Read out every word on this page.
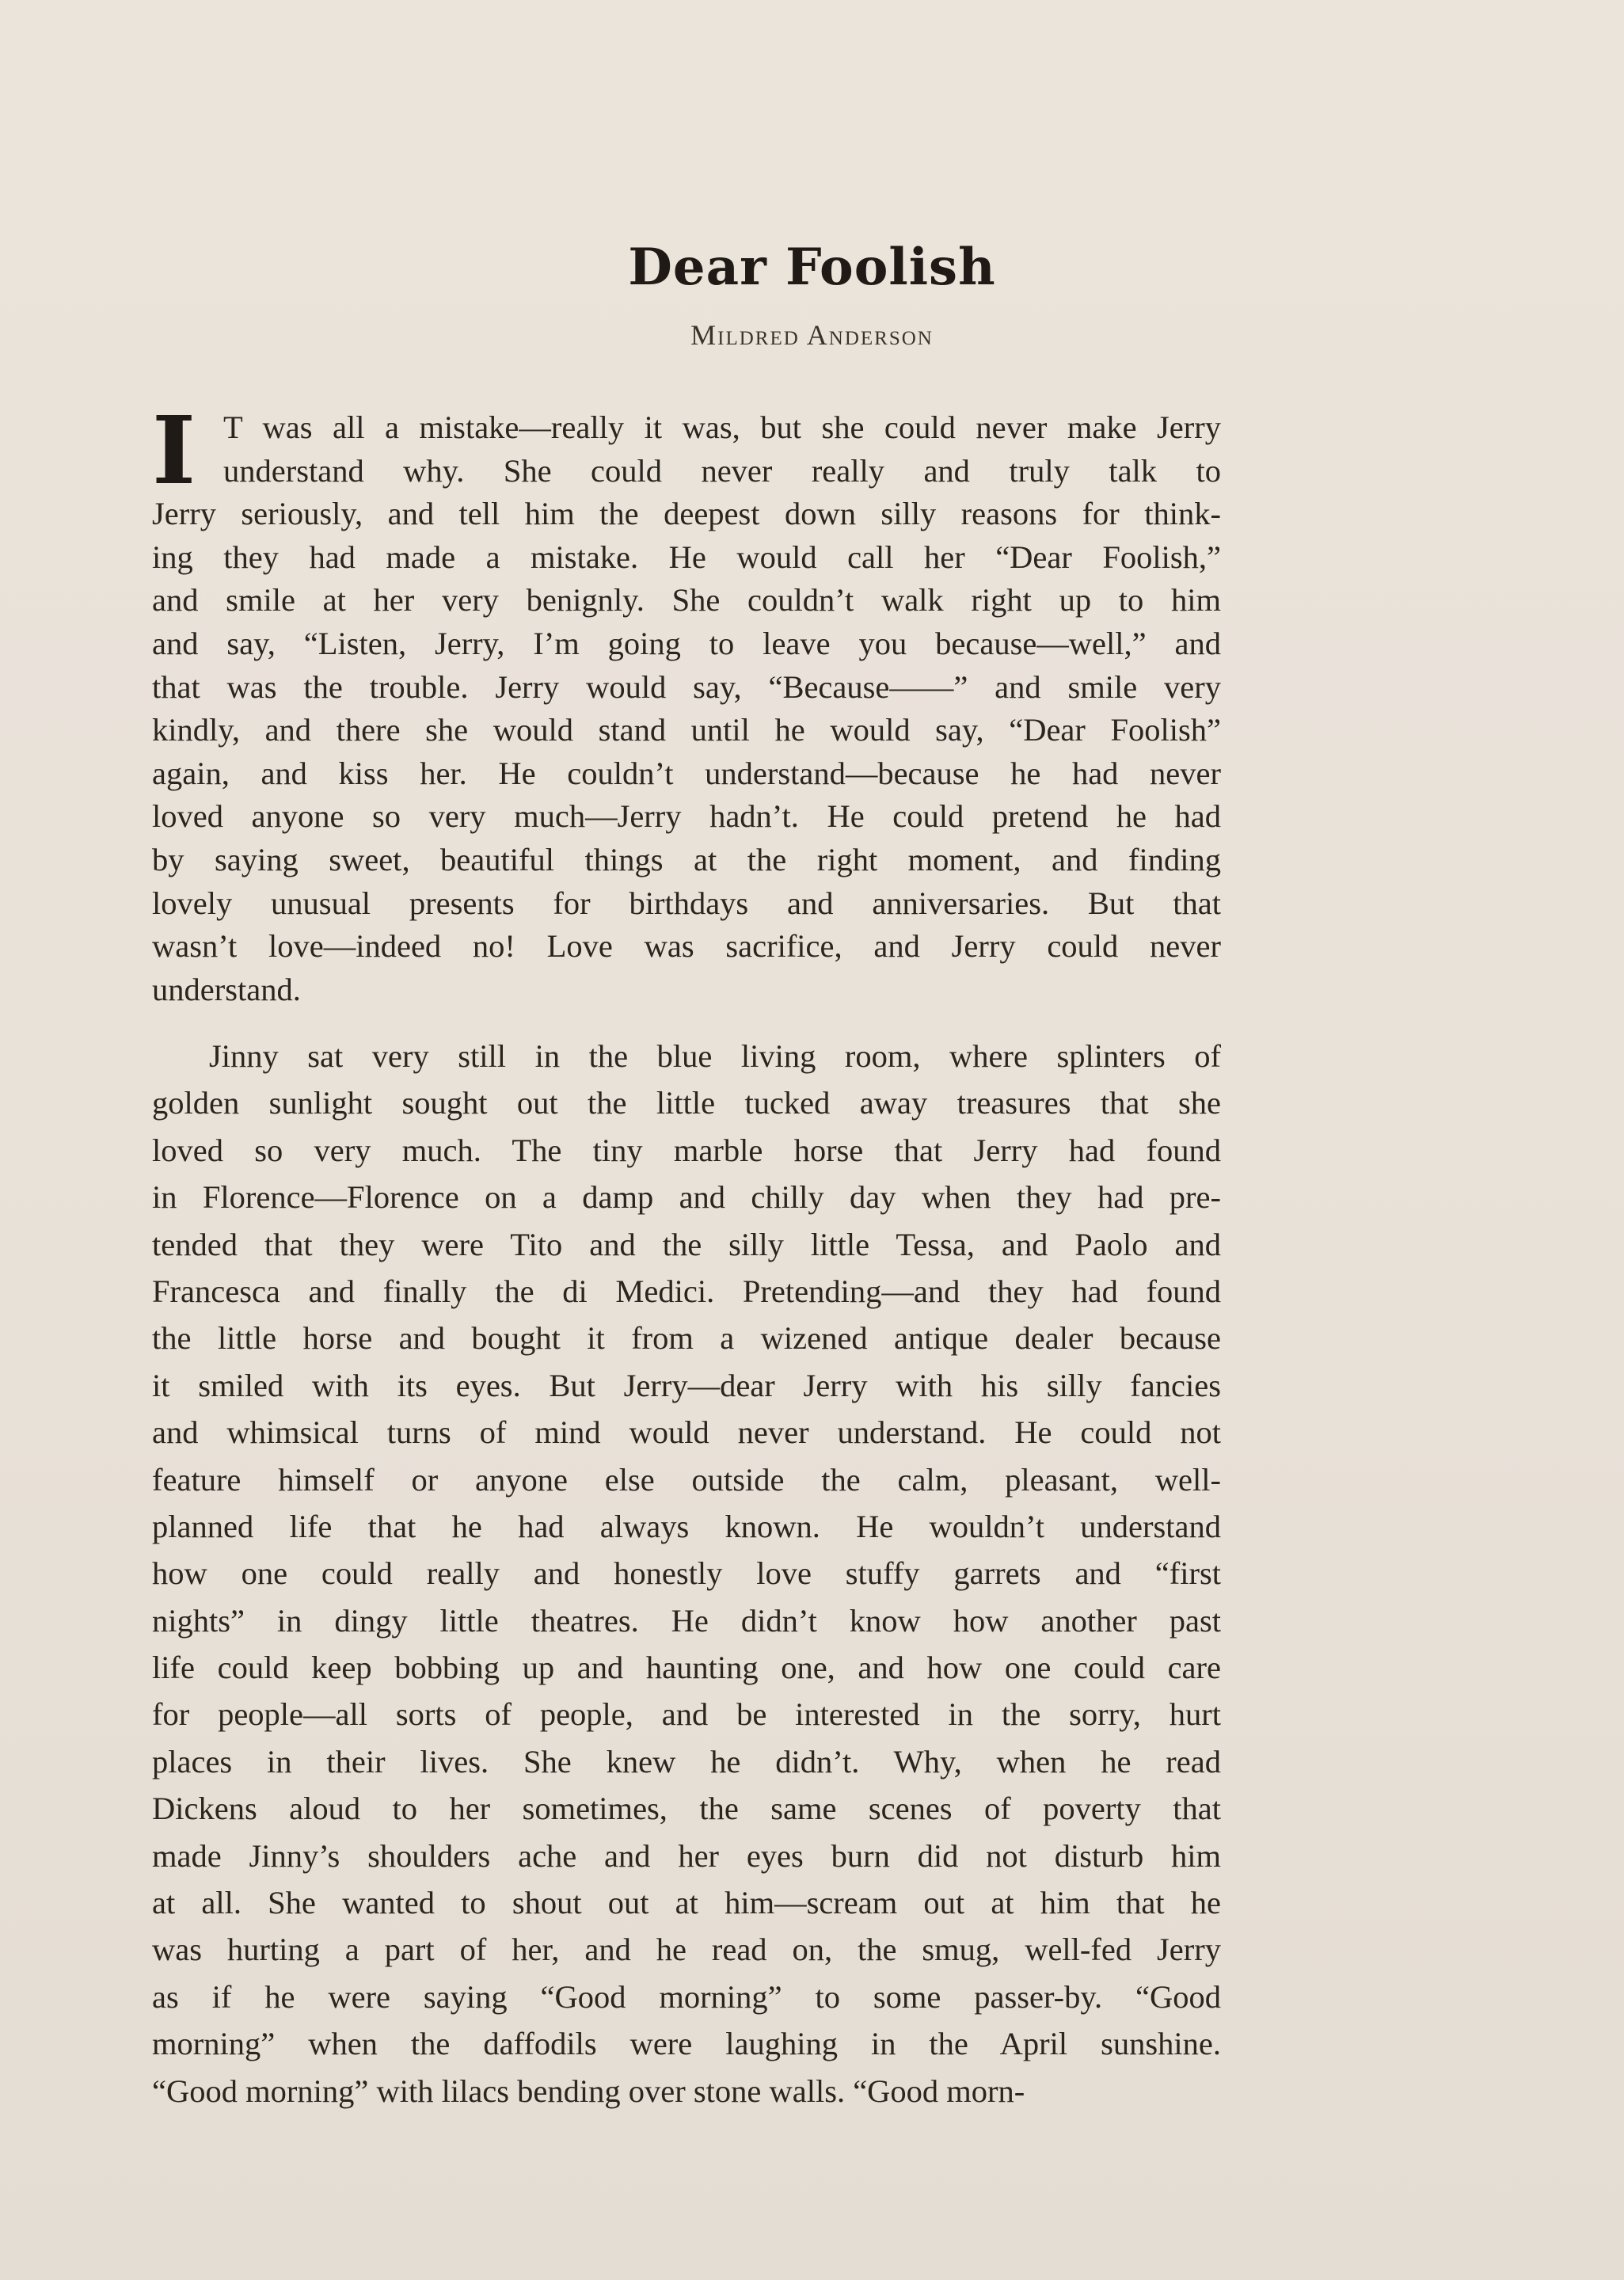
Dear Foolish
Mildred Anderson
I T was all a mistake—really it was, but she could never make Jerry
understand why. She could never really and truly talk to
Jerry seriously, and tell him the deepest down silly reasons for think-
ing they had made a mistake. He would call her “Dear Foolish,”
and smile at her very benignly. She couldn’t walk right up to him
and say, “Listen, Jerry, I’m going to leave you because—well,” and
that was the trouble. Jerry would say, “Because——” and smile very
kindly, and there she would stand until he would say, “Dear Foolish”
again, and kiss her. He couldn’t understand—because he had never
loved anyone so very much—Jerry hadn’t. He could pretend he had
by saying sweet, beautiful things at the right moment, and finding
lovely unusual presents for birthdays and anniversaries. But that
wasn’t love—indeed no! Love was sacrifice, and Jerry could never
understand.
Jinny sat very still in the blue living room, where splinters of
golden sunlight sought out the little tucked away treasures that she
loved so very much. The tiny marble horse that Jerry had found
in Florence—Florence on a damp and chilly day when they had pre-
tended that they were Tito and the silly little Tessa, and Paolo and
Francesca and finally the di Medici. Pretending—and they had found
the little horse and bought it from a wizened antique dealer because
it smiled with its eyes. But Jerry—dear Jerry with his silly fancies
and whimsical turns of mind would never understand. He could not
feature himself or anyone else outside the calm, pleasant, well-
planned life that he had always known. He wouldn’t understand
how one could really and honestly love stuffy garrets and “first
nights” in dingy little theatres. He didn’t know how another past
life could keep bobbing up and haunting one, and how one could care
for people—all sorts of people, and be interested in the sorry, hurt
places in their lives. She knew he didn’t. Why, when he read
Dickens aloud to her sometimes, the same scenes of poverty that
made Jinny’s shoulders ache and her eyes burn did not disturb him
at all. She wanted to shout out at him—scream out at him that he
was hurting a part of her, and he read on, the smug, well-fed Jerry
as if he were saying “Good morning” to some passer-by. “Good
morning” when the daffodils were laughing in the April sunshine.
“Good morning” with lilacs bending over stone walls. “Good morn-
